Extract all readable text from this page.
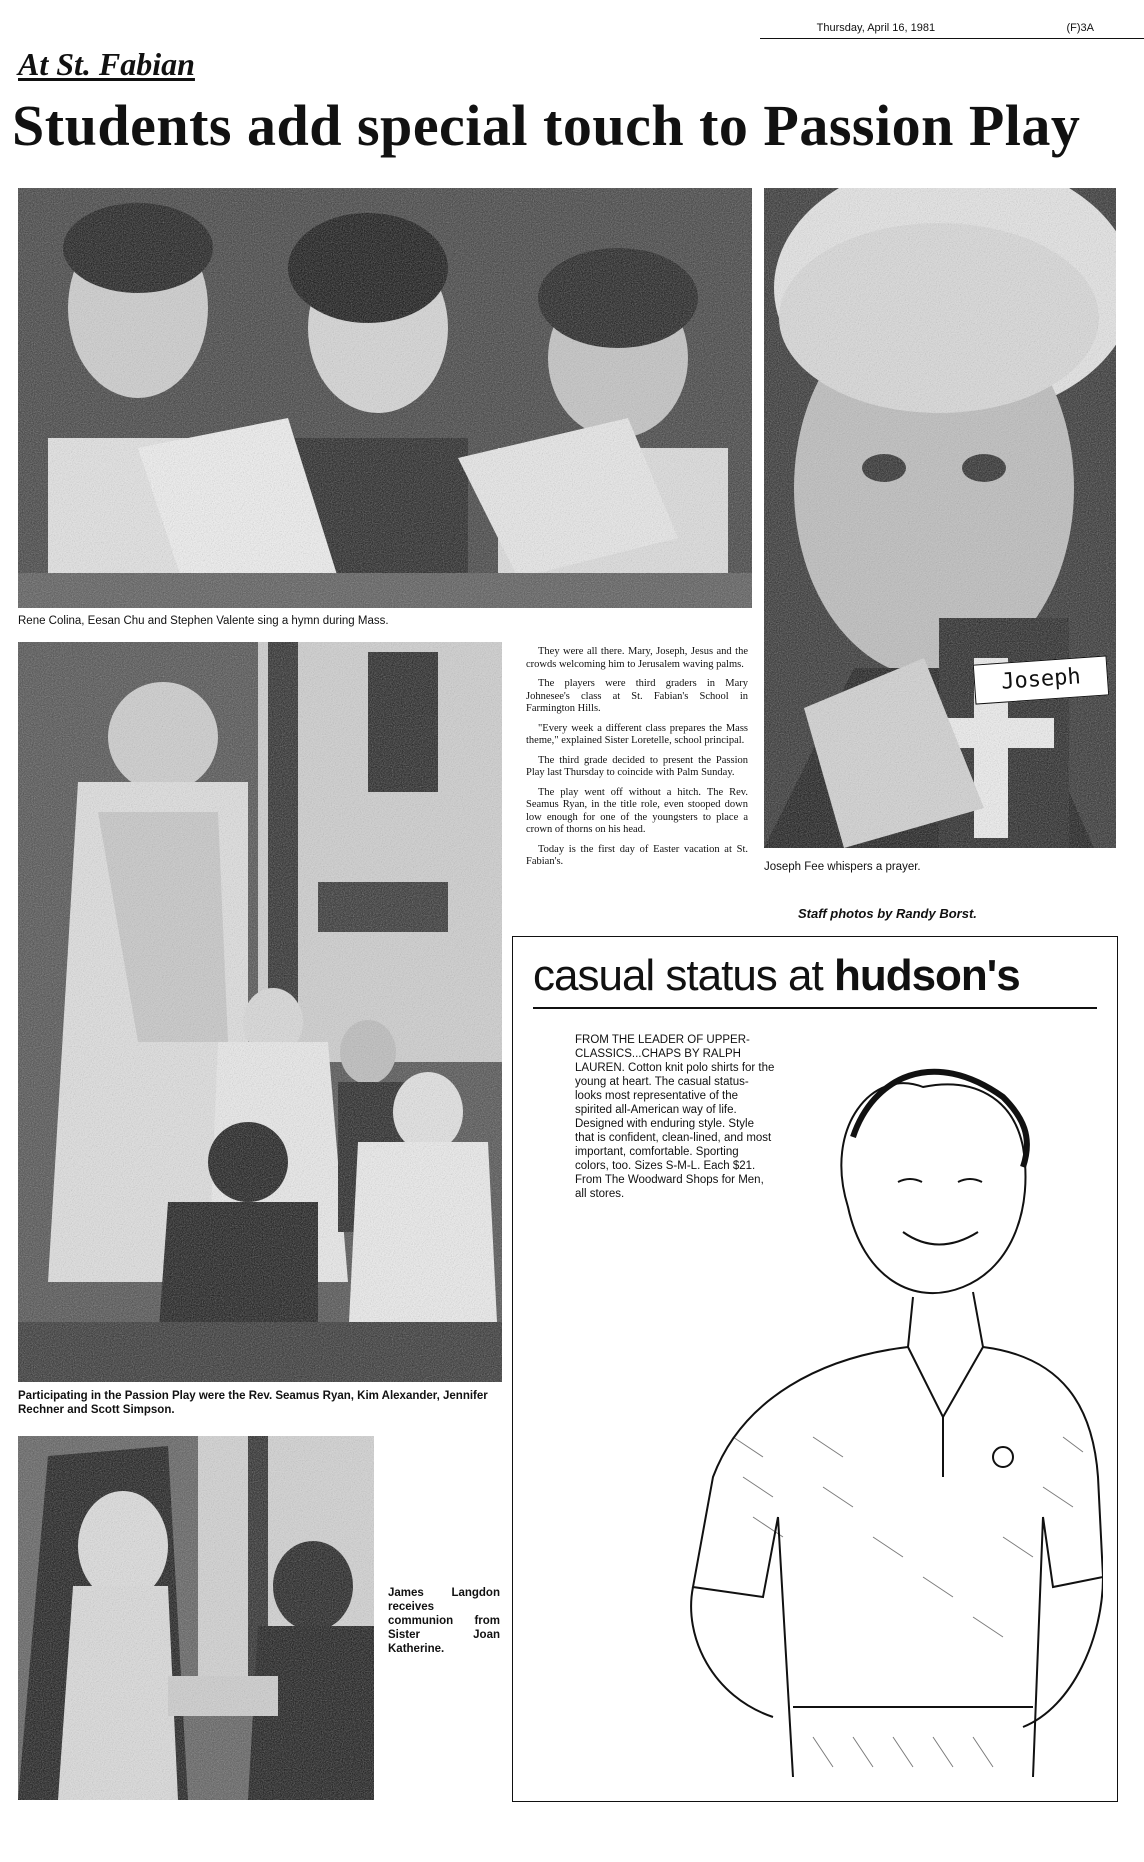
Thursday, April 16, 1981	(F)3A
At St. Fabian
Students add special touch to Passion Play
Rene Colina, Eesan Chu and Stephen Valente sing a hymn during Mass.
Joseph
Joseph Fee whispers a prayer.
Participating in the Passion Play were the Rev. Seamus Ryan, Kim Alexander, Jennifer Rechner and Scott Simpson.
James Langdon receives communion from Sister Joan Katherine.

They were all there. Mary, Joseph, Jesus and the crowds welcoming him to Jerusalem waving palms.

The players were third graders in Mary Johnesee's class at St. Fabian's School in Farmington Hills.

"Every week a different class prepares the Mass theme," explained Sister Loretelle, school principal.

The third grade decided to present the Passion Play last Thursday to coincide with Palm Sunday.

The play went off without a hitch. The Rev. Seamus Ryan, in the title role, even stooped down low enough for one of the youngsters to place a crown of thorns on his head.

Today is the first day of Easter vacation at St. Fabian's.

Staff photos by Randy Borst.
casual status at hudson's
FROM THE LEADER OF UPPER-CLASSICS...CHAPS BY RALPH LAUREN. Cotton knit polo shirts for the young at heart. The casual status-looks most representative of the spirited all-American way of life. Designed with enduring style. Style that is confident, clean-lined, and most important, comfortable. Sporting colors, too. Sizes S-M-L. Each $21. From The Woodward Shops for Men, all stores.
